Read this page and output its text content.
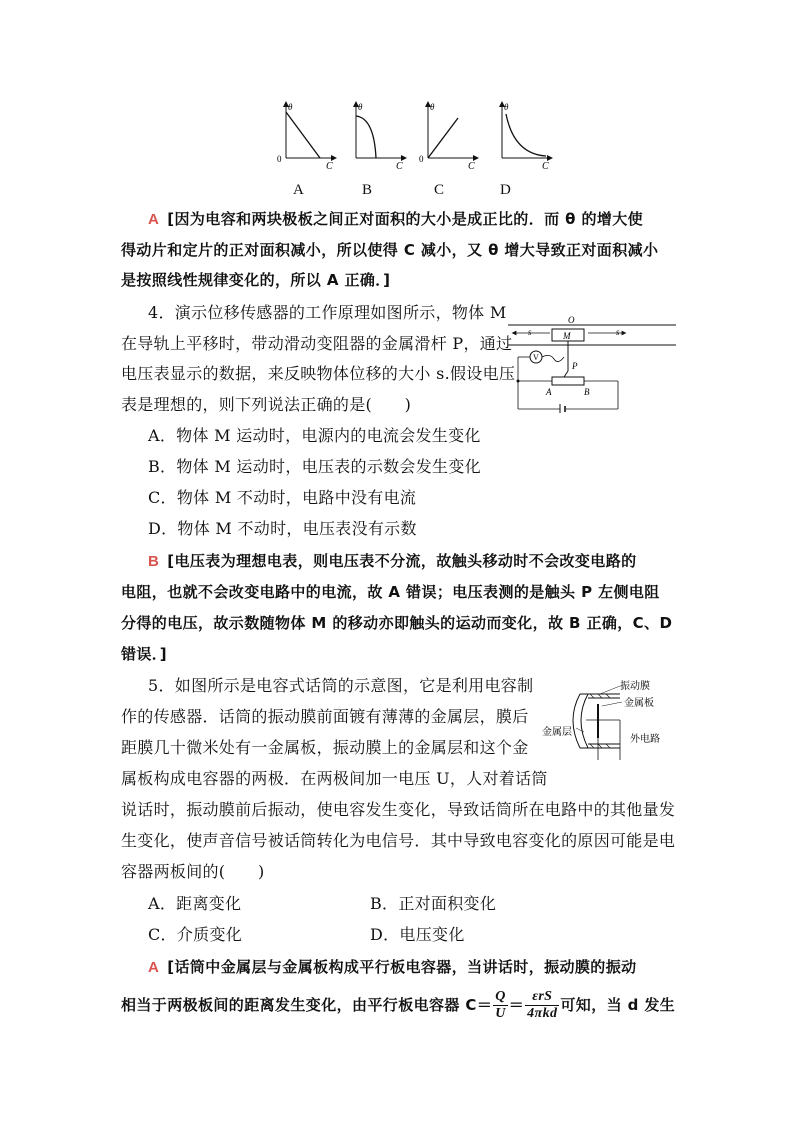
θ
0
C
θ
C
θ
0
C
θ
C
A	B	C	D
A [因为电容和两块极板之间正对面积的大小是成正比的．而 θ 的增大使
得动片和定片的正对面积减小，所以使得 C 减小，又 θ 增大导致正对面积减小
是按照线性规律变化的，所以 A 正确．]
4．演示位移传感器的工作原理如图所示，物体 M
在导轨上平移时，带动滑动变阻器的金属滑杆 P，通过
电压表显示的数据，来反映物体位移的大小 s.假设电压
表是理想的，则下列说法正确的是(　　)
O
s	s
M
P
V
A	B
A．物体 M 运动时，电源内的电流会发生变化
B．物体 M 运动时，电压表的示数会发生变化
C．物体 M 不动时，电路中没有电流
D．物体 M 不动时，电压表没有示数
B [电压表为理想电表，则电压表不分流，故触头移动时不会改变电路的
电阻，也就不会改变电路中的电流，故 A 错误；电压表测的是触头 P 左侧电阻
分得的电压，故示数随物体 M 的移动亦即触头的运动而变化，故 B 正确，C、D
错误．]
5．如图所示是电容式话筒的示意图，它是利用电容制
作的传感器．话筒的振动膜前面镀有薄薄的金属层，膜后
距膜几十微米处有一金属板，振动膜上的金属层和这个金
属板构成电容器的两极．在两极间加一电压 U，人对着话筒
说话时，振动膜前后振动，使电容发生变化，导致话筒所在电路中的其他量发
生变化，使声音信号被话筒转化为电信号．其中导致电容变化的原因可能是电
容器两板间的(　　)
振动膜
金属板
金属层
外电路
A．距离变化	B．正对面积变化
C．介质变化	D．电压变化
A [话筒中金属层与金属板构成平行板电容器，当讲话时，振动膜的振动
相当于两极板间的距离发生变化，由平行板电容器 $C= \frac{Q}{U} = \frac{\text{εrS}}{\text{4πkd}}$ 可知，当 d 发生
